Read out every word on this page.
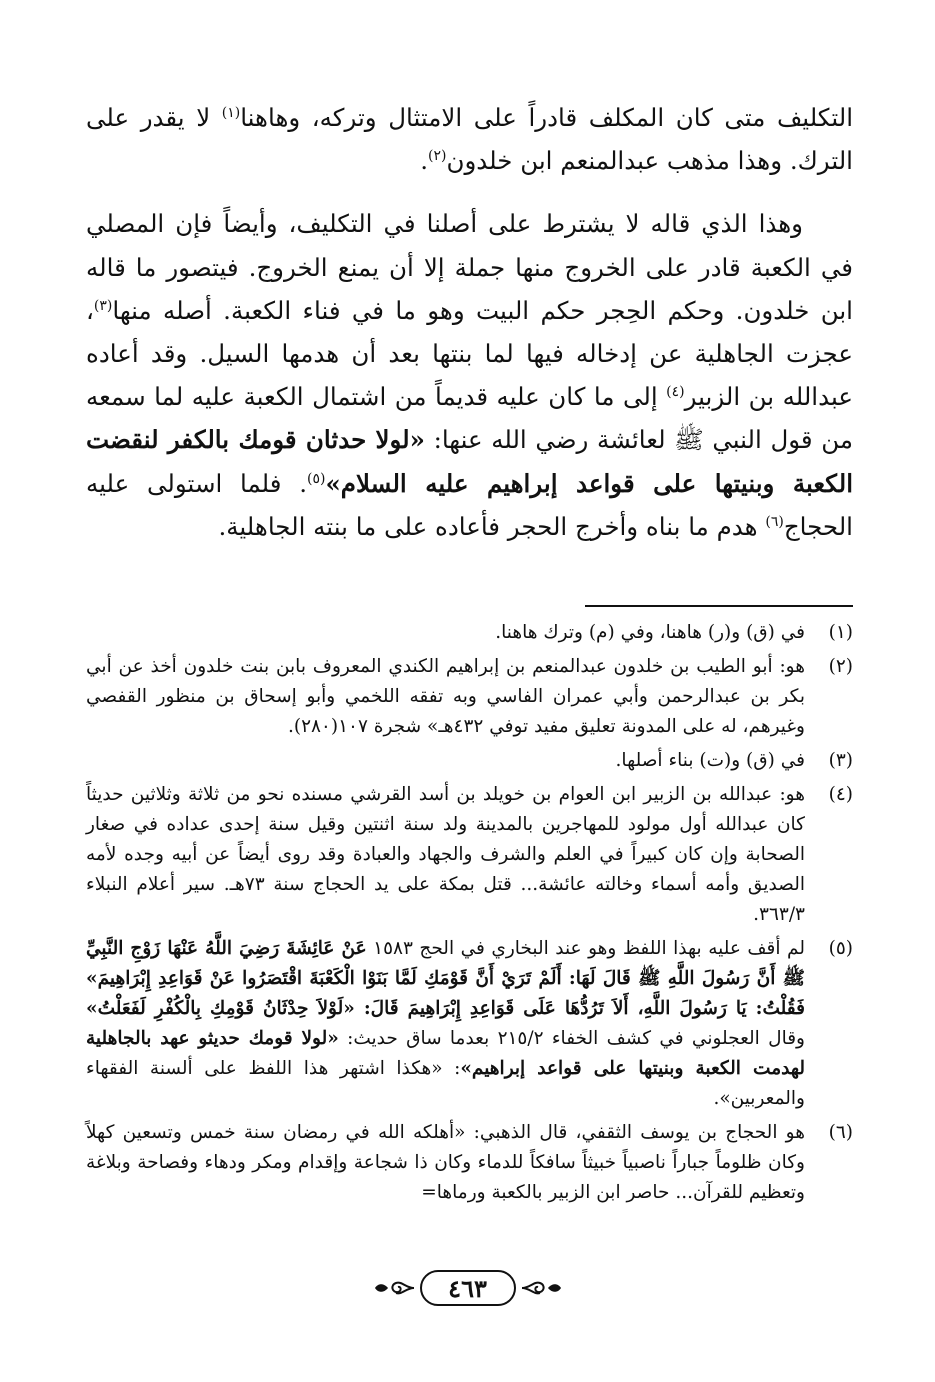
التكليف متى كان المكلف قادراً على الامتثال وتركه، وهاهنا$^{(١)}$ لا يقدر على الترك. وهذا مذهب عبدالمنعم ابن خلدون$^{(٢)}$.

وهذا الذي قاله لا يشترط على أصلنا في التكليف، وأيضاً فإن المصلي في الكعبة قادر على الخروج منها جملة إلا أن يمنع الخروج. فيتصور ما قاله ابن خلدون. وحكم الحِجر حكم البيت وهو ما في فناء الكعبة. أصله منها$^{(٣)}$، عجزت الجاهلية عن إدخاله فيها لما بنتها بعد أن هدمها السيل. وقد أعاده عبدالله بن الزبير$^{(٤)}$ إلى ما كان عليه قديماً من اشتمال الكعبة عليه لما سمعه من قول النبي ﷺ لعائشة رضي الله عنها: «لولا حدثان قومك بالكفر لنقضت الكعبة وبنيتها على قواعد إبراهيم عليه السلام»$^{(٥)}$. فلما استولى عليه الحجاج$^{(٦)}$ هدم ما بناه وأخرج الحجر فأعاده على ما بنته الجاهلية.

(١)
في (ق) و(ر) هاهنا، وفي (م) وترك هاهنا.
(٢)
هو: أبو الطيب بن خلدون عبدالمنعم بن إبراهيم الكندي المعروف بابن بنت خلدون أخذ عن أبي بكر بن عبدالرحمن وأبي عمران الفاسي وبه تفقه اللخمي وأبو إسحاق بن منظور القفصي وغيرهم، له على المدونة تعليق مفيد توفي ٤٣٢هـ» شجرة ١٠٧(٢٨٠).
(٣)
في (ق) و(ت) بناء أصلها.
(٤)
هو: عبدالله بن الزبير ابن العوام بن خويلد بن أسد القرشي مسنده نحو من ثلاثة وثلاثين حديثاً كان عبدالله أول مولود للمهاجرين بالمدينة ولد سنة اثنتين وقيل سنة إحدى عداده في صغار الصحابة وإن كان كبيراً في العلم والشرف والجهاد والعبادة وقد روى أيضاً عن أبيه وجده لأمه الصديق وأمه أسماء وخالته عائشة... قتل بمكة على يد الحجاج سنة ٧٣هـ. سير أعلام النبلاء ٣٦٣/٣.
(٥)
لم أقف عليه بهذا اللفظ وهو عند البخاري في الحج ١٥٨٣ عَنْ عَائِشَةَ رَضِيَ اللَّهُ عَنْهَا زَوْجِ النَّبِيِّ ﷺ أَنَّ رَسُولَ اللَّهِ ﷺ قَالَ لَهَا: أَلَمْ تَرَيْ أَنَّ قَوْمَكِ لَمَّا بَنَوْا الْكَعْبَةَ اقْتَصَرُوا عَنْ قَوَاعِدِ إِبْرَاهِيمَ» فَقُلْتُ: يَا رَسُولَ اللَّهِ، أَلاَ تَرُدُّهَا عَلَى قَوَاعِدِ إِبْرَاهِيمَ قَالَ: «لَوْلاَ حِدْثَانُ قَوْمِكِ بِالْكُفْرِ لَفَعَلْتُ» وقال العجلوني في كشف الخفاء ٢١٥/٢ بعدما ساق حديث: «لولا قومك حديثو عهد بالجاهلية لهدمت الكعبة وبنيتها على قواعد إبراهيم»: «هكذا اشتهر هذا اللفظ على ألسنة الفقهاء والمعربين».
(٦)
هو الحجاج بن يوسف الثقفي، قال الذهبي: «أهلكه الله في رمضان سنة خمس وتسعين كهلاً وكان ظلوماً جباراً ناصبياً خبيثاً سافكاً للدماء وكان ذا شجاعة وإقدام ومكر ودهاء وفصاحة وبلاغة وتعظيم للقرآن... حاصر ابن الزبير بالكعبة ورماها=
٤٦٣
